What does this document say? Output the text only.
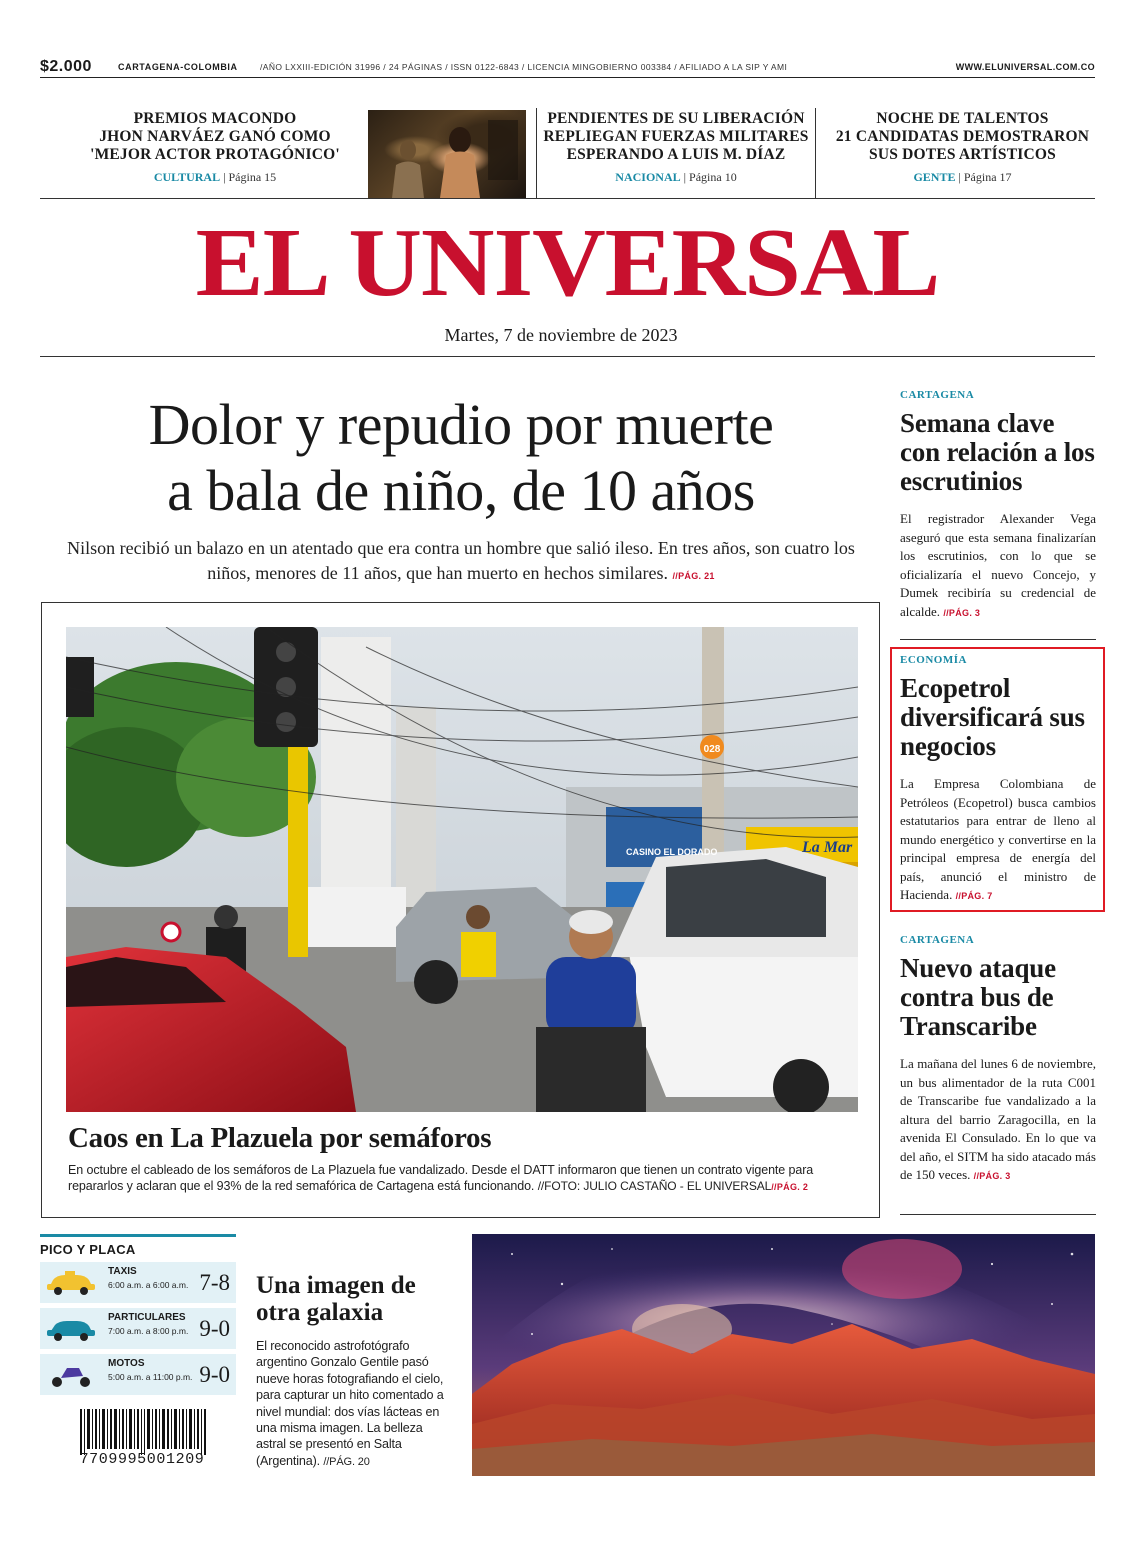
$2.000	CARTAGENA-COLOMBIA	/AÑO LXXIII-EDICIÓN 31996 / 24 PÁGINAS / ISSN 0122-6843 / LICENCIA MINGOBIERNO 003384 / AFILIADO A LA SIP Y AMI	WWW.ELUNIVERSAL.COM.CO
PREMIOS MACONDO
JHON NARVÁEZ GANÓ COMO
'MEJOR ACTOR PROTAGÓNICO'
CULTURAL | Página 15
PENDIENTES DE SU LIBERACIÓN
REPLIEGAN FUERZAS MILITARES
ESPERANDO A LUIS M. DÍAZ
NACIONAL | Página 10
NOCHE DE TALENTOS
21 CANDIDATAS DEMOSTRARON
SUS DOTES ARTÍSTICOS
GENTE | Página 17
EL UNIVERSAL
Martes, 7 de noviembre de 2023
Dolor y repudio por muerte
a bala de niño, de 10 años
Nilson recibió un balazo en un atentado que era contra un hombre que salió ileso. En tres años, son cuatro los niños, menores de 11 años, que han muerto en hechos similares. //PÁG. 21
028
La Mar
CASINO EL DORADO
Caos en La Plazuela por semáforos
En octubre el cableado de los semáforos de La Plazuela fue vandalizado. Desde el DATT informaron que tienen un contrato vigente para repararlos y aclaran que el 93% de la red semafórica de Cartagena está funcionando. //FOTO: JULIO CASTAÑO - EL UNIVERSAL//PÁG. 2
CARTAGENA
Semana clave con relación a los escrutinios
El registrador Alexander Vega aseguró que esta semana finalizarían los escrutinios, con lo que se oficializaría el nuevo Concejo, y Dumek recibiría su credencial de alcalde. //PÁG. 3
ECONOMÍA
Ecopetrol diversificará sus negocios
La Empresa Colombiana de Petróleos (Ecopetrol) busca cambios estatutarios para entrar de lleno al mundo energético y convertirse en la principal empresa de energía del país, anunció el ministro de Hacienda. //PÁG. 7
CARTAGENA
Nuevo ataque contra bus de Transcaribe
La mañana del lunes 6 de noviembre, un bus alimentador de la ruta C001 de Transcaribe fue vandalizado a la altura del barrio Zaragocilla, en la avenida El Consulado. En lo que va del año, el SITM ha sido atacado más de 150 veces. //PÁG. 3
PICO Y PLACA
TAXIS
6:00 a.m. a 6:00 a.m. 7-8
PARTICULARES
7:00 a.m. a 8:00 p.m. 9-0
MOTOS
5:00 a.m. a 11:00 p.m. 9-0
7709995001209
Una imagen de otra galaxia
El reconocido astrofotógrafo argentino Gonzalo Gentile pasó nueve horas fotografiando el cielo, para capturar un hito comentado a nivel mundial: dos vías lácteas en una misma imagen. La belleza astral se presentó en Salta (Argentina). //PÁG. 20
